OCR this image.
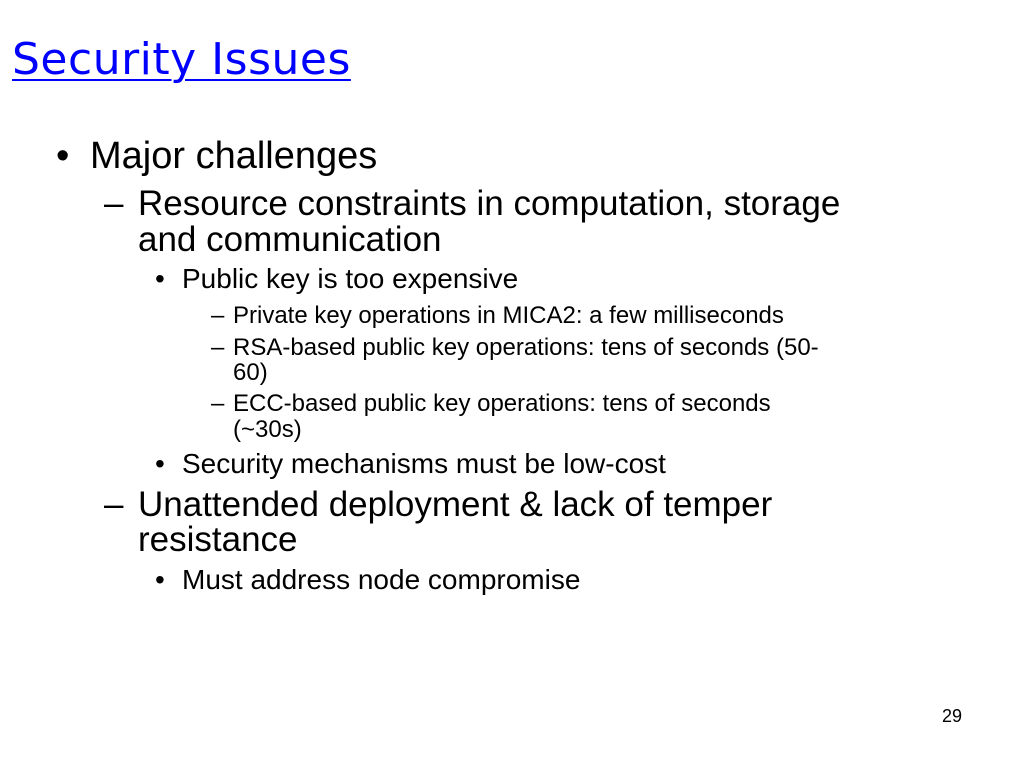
Security Issues
• Major challenges
– Resource constraints in computation, storage
and communication
• Public key is too expensive
– Private key operations in MICA2: a few milliseconds
– RSA-based public key operations: tens of seconds (50-
60)
– ECC-based public key operations: tens of seconds
(~30s)
• Security mechanisms must be low-cost
– Unattended deployment & lack of temper
resistance
• Must address node compromise
29
